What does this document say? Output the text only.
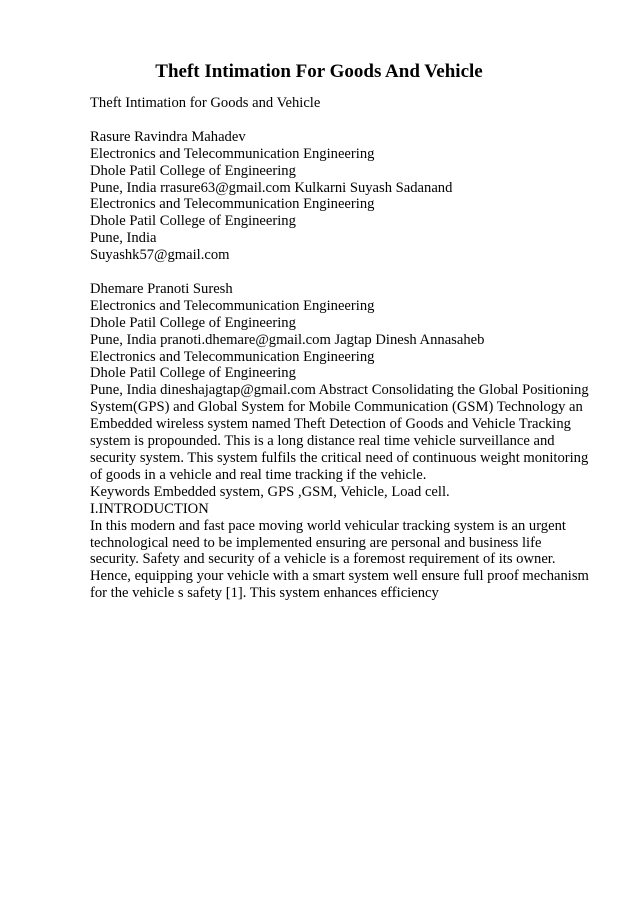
Theft Intimation For Goods And Vehicle
Theft Intimation for Goods and Vehicle
Rasure Ravindra Mahadev
Electronics and Telecommunication Engineering
Dhole Patil College of Engineering
Pune, India rrasure63@gmail.com Kulkarni Suyash Sadanand
Electronics and Telecommunication Engineering
Dhole Patil College of Engineering
Pune, India
Suyashk57@gmail.com
Dhemare Pranoti Suresh
Electronics and Telecommunication Engineering
Dhole Patil College of Engineering
Pune, India pranoti.dhemare@gmail.com Jagtap Dinesh Annasaheb
Electronics and Telecommunication Engineering
Dhole Patil College of Engineering
Pune, India dineshajagtap@gmail.com Abstract Consolidating the Global Positioning
System(GPS) and Global System for Mobile Communication (GSM) Technology an
Embedded wireless system named Theft Detection of Goods and Vehicle Tracking
system is propounded. This is a long distance real time vehicle surveillance and
security system. This system fulfils the critical need of continuous weight monitoring
of goods in a vehicle and real time tracking if the vehicle.
Keywords Embedded system, GPS ,GSM, Vehicle, Load cell.
I.INTRODUCTION
In this modern and fast pace moving world vehicular tracking system is an urgent
technological need to be implemented ensuring are personal and business life
security. Safety and security of a vehicle is a foremost requirement of its owner.
Hence, equipping your vehicle with a smart system well ensure full proof mechanism
for the vehicle s safety [1]. This system enhances efficiency
